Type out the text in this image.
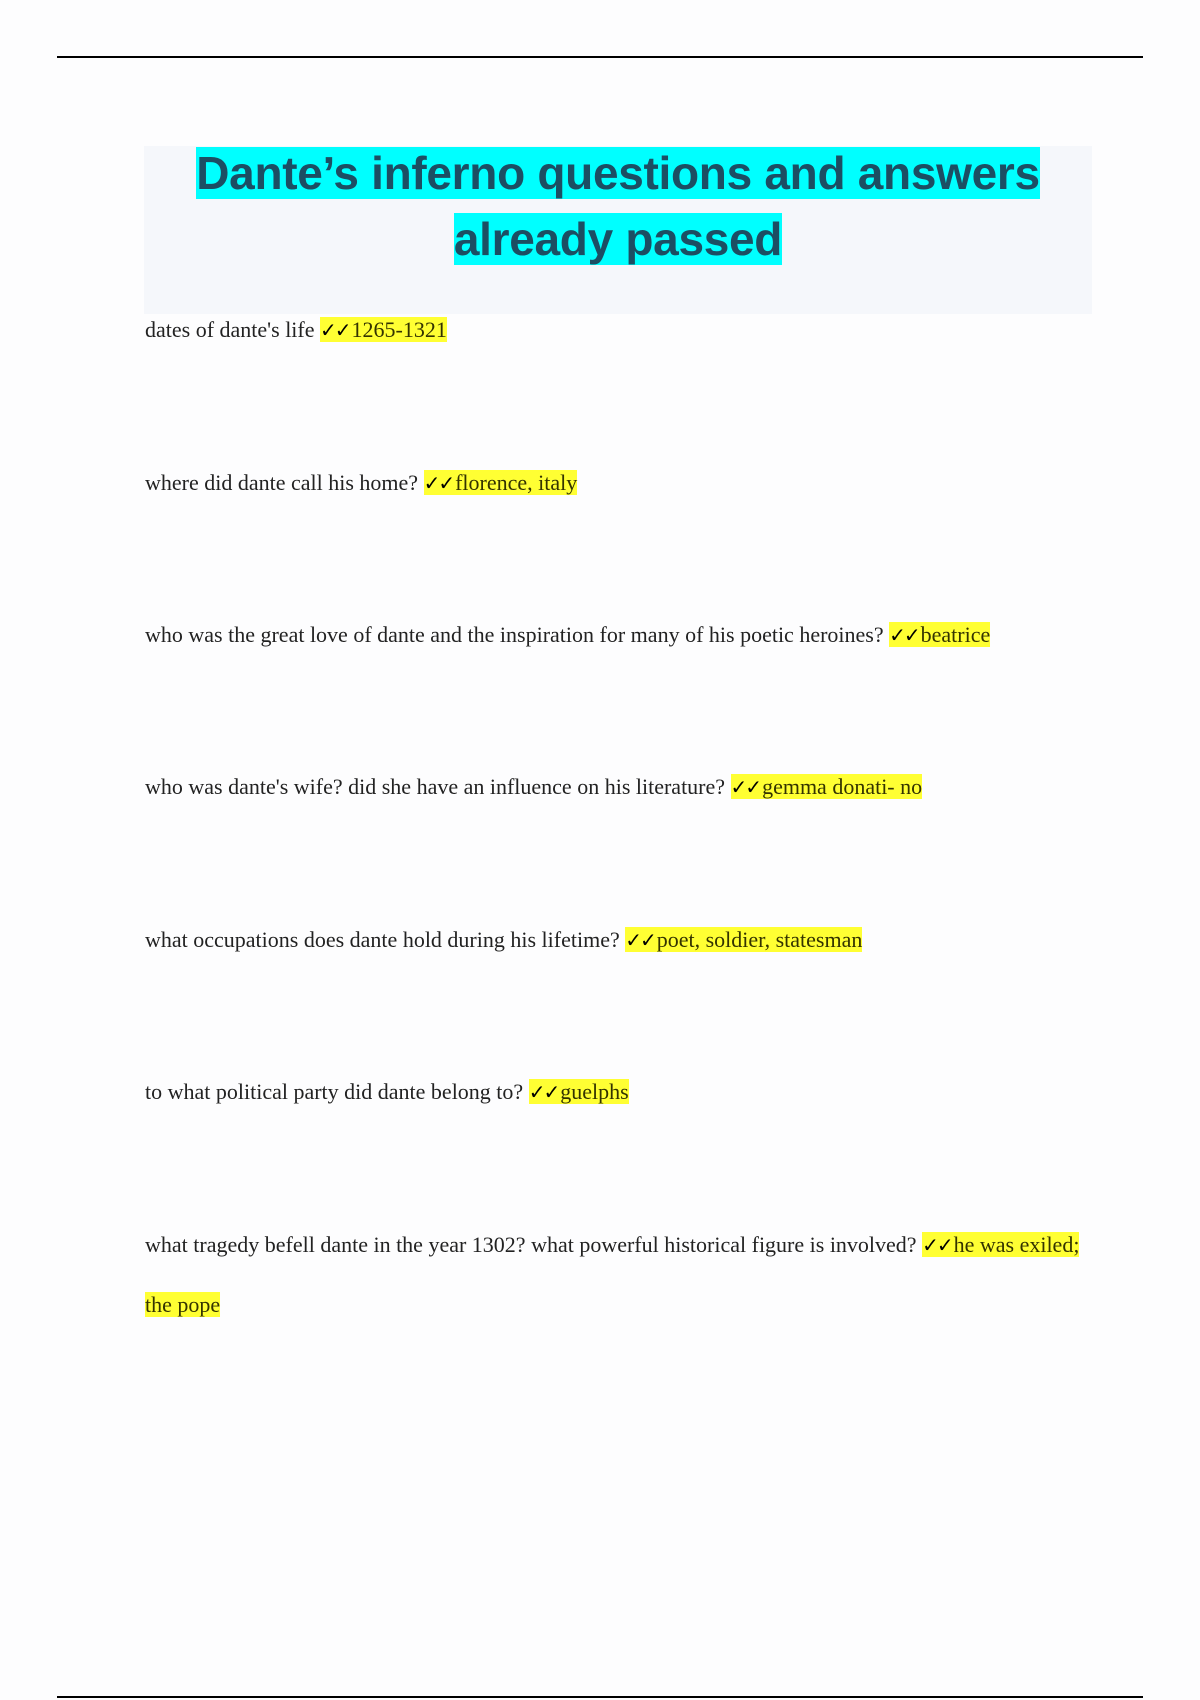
Dante’s inferno questions and answers already passed
dates of dante's life ✓✓1265-1321
where did dante call his home? ✓✓florence, italy
who was the great love of dante and the inspiration for many of his poetic heroines? ✓✓beatrice
who was dante's wife? did she have an influence on his literature? ✓✓gemma donati- no
what occupations does dante hold during his lifetime? ✓✓poet, soldier, statesman
to what political party did dante belong to? ✓✓guelphs
what tragedy befell dante in the year 1302? what powerful historical figure is involved? ✓✓he was exiled; the pope
